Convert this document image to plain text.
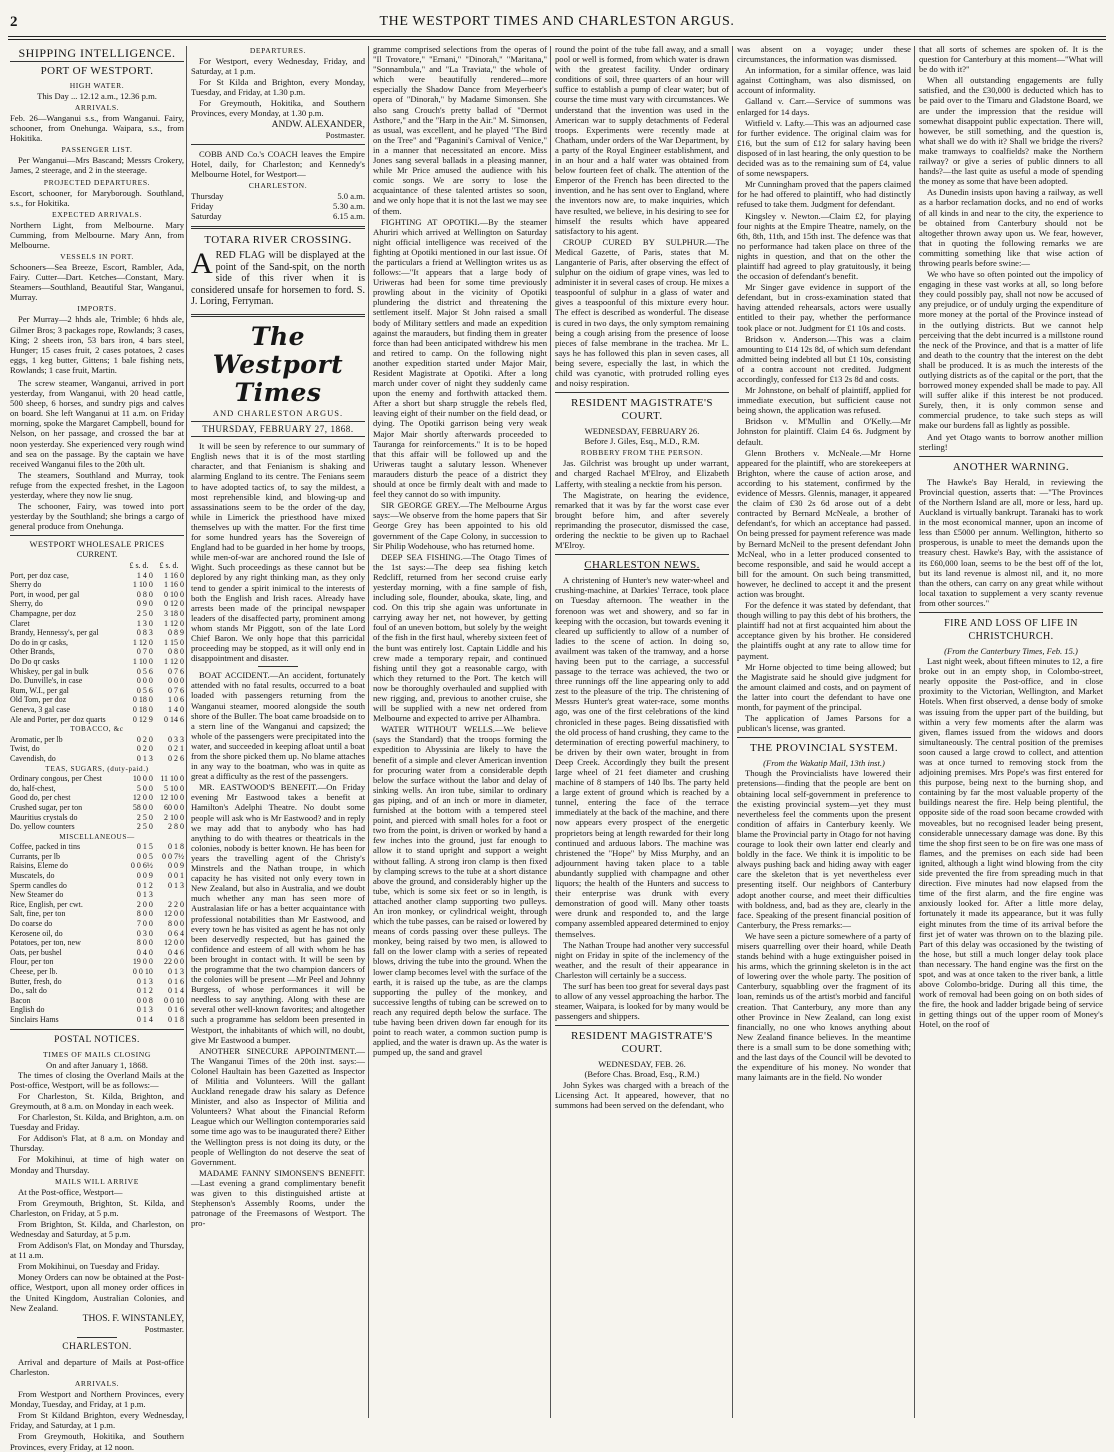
2	THE WESTPORT TIMES AND CHARLESTON ARGUS.
SHIPPING INTELLIGENCE.
PORT OF WESTPORT.
HIGH WATER.
This Day ... 12.12 a.m., 12.36 p.m.
ARRIVALS.

Feb. 26—Wanganui s.s., from Wanganui. Fairy, schooner, from Onehunga. Waipara, s.s., from Hokitika.

PASSENGER LIST.

Per Wanganui—Mrs Bascand; Messrs Crokery, James, 2 steerage, and 2 in the steerage.

PROJECTED DEPARTURES.

Escort, schooner, for Maryborough. Southland, s.s., for Hokitika.

EXPECTED ARRIVALS.

Northern Light, from Melbourne. Mary Cumming, from Melbourne. Mary Ann, from Melbourne.

VESSELS IN PORT.

Schooners—Sea Breeze, Escort, Rambler, Ada, Fairy. Cutter—Dart. Ketches—Constant, Mary. Steamers—Southland, Beautiful Star, Wanganui, Murray.

IMPORTS.

Per Murray—2 hhds ale, Trimble; 6 hhds ale, Gilmer Bros; 3 packages rope, Rowlands; 3 cases, King; 2 sheets iron, 53 bars iron, 4 bars steel, Hunger; 15 cases fruit, 2 cases potatoes, 2 cases eggs, 1 keg butter, Gittens; 1 bale fishing nets, Rowlands; 1 case fruit, Martin.

The screw steamer, Wanganui, arrived in port yesterday, from Wanganui, with 20 head cattle, 500 sheep, 6 horses, and sundry pigs and calves on board. She left Wanganui at 11 a.m. on Friday morning, spoke the Margaret Campbell, bound for Nelson, on her passage, and crossed the bar at noon yesterday. She experienced very rough wind and sea on the passage. By the captain we have received Wanganui files to the 20th ult.

The steamers, Southland and Murray, took refuge from the expected freshet, in the Lagoon yesterday, where they now lie snug.

The schooner, Fairy, was towed into port yesterday by the Southland; she brings a cargo of general produce from Onehunga.

WESTPORT WHOLESALE PRICES
CURRENT.
£ s. d.	£ s. d.
Port, per doz case,	1 4 0	1 16 0
Sherry do	1 10 0	1 16 0
Port, in wood, per gal	0 8 0	0 10 0
Sherry, do	0 9 0	0 12 0
Champagne, per doz	2 5 0	3 18 0
Claret	1 3 0	1 12 0
Brandy, Hennessy's, per gal	0 8 3	0 8 9
Do do in qr casks,	1 12 0	1 15 0
Other Brands,	0 7 0	0 8 0
Do Do qr casks	1 10 0	1 12 0
Whiskey, per gal in bulk	0 5 6	0 7 6
Do. Dunville's, in case	0 0 0	0 0 0
Rum, W.I., per gal	0 5 6	0 7 6
Old Tom, per doz	0 18 0	1 0 6
Geneva, 3 gal case	0 18 0	1 4 0
Ale and Porter, per doz quarts	0 12 9	0 14 6
TOBACCO, &c		
Aromatic, per lb	0 2 0	0 3 3
Twist, do	0 2 0	0 2 1
Cavendish, do	0 1 3	0 2 6
TEAS, SUGARS, (duty-paid.)		
Ordinary congous, per Chest	10 0 0	11 10 0
do, half-chest,	5 0 0	5 10 0
Good do, per chest	12 0 0	12 10 0
Crushed sugar, per ton	58 0 0	60 0 0
Mauritius crystals do	2 5 0	2 10 0
Do. yellow counters	2 5 0	2 8 0
MISCELLANEOUS—		
Coffee, packed in tins	0 1 5	0 1 8
Currants, per lb	0 0 5	0 0 7½
Raisins, Eleme do	0 0 6½	0 0 9
Muscatels, do	0 0 9	0 0 1
Sperm candles do	0 1 2	0 1 3
New Steamer do	0 1 3	
Rice, English, per cwt.	2 0 0	2 2 0
Salt, fine, per ton	8 0 0	12 0 0
Do coarse do	7 0 0	8 0 0
Kerosene oil, do	0 3 0	0 6 4
Potatoes, per ton, new	8 0 0	12 0 0
Oats, per bushel	0 4 0	0 4 6
Flour, per ton	19 0 0	22 0 0
Cheese, per lb.	0 0 10	0 1 3
Butter, fresh, do	0 1 3	0 1 6
Do., salt do	0 1 2	0 1 4
Bacon	0 0 8	0 0 10
English do	0 1 3	0 1 6
Sinclairs Hams	0 1 4	0 1 8
POSTAL NOTICES.
TIMES OF MAILS CLOSING
On and after January 1, 1868.

The times of closing the Overland Mails at the Post-office, Westport, will be as follows:—

For Charleston, St. Kilda, Brighton, and Greymouth, at 8 a.m. on Monday in each week.

For Charleston, St. Kilda, and Brighton, a.m. on Tuesday and Friday.

For Addison's Flat, at 8 a.m. on Monday and Thursday.

For Mokihinui, at time of high water on Monday and Thursday.

MAILS WILL ARRIVE

At the Post-office, Westport—

From Greymouth, Brighton, St. Kilda, and Charleston, on Friday, at 5 p.m.

From Brighton, St. Kilda, and Charleston, on Wednesday and Saturday, at 5 p.m.

From Addison's Flat, on Monday and Thursday, at 11 a.m.

From Mokihinui, on Tuesday and Friday.

Money Orders can now be obtained at the Post-office, Westport, upon all money order offices in the United Kingdom, Australian Colonies, and New Zealand.

THOS. F. WINSTANLEY,
Postmaster.
CHARLESTON.

Arrival and departure of Mails at Post-office Charleston.

ARRIVALS.

From Westport and Northern Provinces, every Monday, Tuesday, and Friday, at 1 p.m.

From St Kildand Brighton, every Wednesday, Friday, and Saturday, at 1 p.m.

From Greymouth, Hokitika, and Southern Provinces, every Friday, at 12 noon.

DEPARTURES.

For Westport, every Wednesday, Friday, and Saturday, at 1 p.m.

For St Kilda and Brighton, every Monday, Tuesday, and Friday, at 1.30 p.m.

For Greymouth, Hokitika, and Southern Provinces, every Monday, at 1.30 p.m.

ANDW. ALEXANDER,
Postmaster.

COBB AND Co.'s COACH leaves the Empire Hotel, daily, for Charleston; and Kennedy's Melbourne Hotel, for Westport—

CHARLESTON.
Thursday	5.0 a.m.
Friday	5.30 a.m.
Saturday	6.15 a.m.
TOTARA RIVER CROSSING.

A RED FLAG will be displayed at the point of the Sand-spit, on the north side of this river when it is considered unsafe for horsemen to ford. S. J. Loring, Ferryman.

The Westport Times
AND CHARLESTON ARGUS.
THURSDAY, FEBRUARY 27, 1868.

It will be seen by reference to our summary of English news that it is of the most startling character, and that Fenianism is shaking and alarming England to its centre. The Fenians seem to have adopted tactics of, to say the mildest, a most reprehensible kind, and blowing-up and assassinations seem to be the order of the day, while in Limerick the priesthood have mixed themselves up with the matter. For the first time for some hundred years has the Sovereign of England had to be guarded in her home by troops, while men-of-war are anchored round the Isle of Wight. Such proceedings as these cannot but be deplored by any right thinking man, as they only tend to gender a spirit inimical to the interests of both the English and Irish races. Already have arrests been made of the principal newspaper leaders of the disaffected party, prominent among whom stands Mr Piggott, son of the late Lord Chief Baron. We only hope that this parricidal proceeding may be stopped, as it will only end in disappointment and disaster.

BOAT ACCIDENT.—An accident, fortunately attended with no fatal results, occurred to a boat loaded with passengers returning from the Wanganui steamer, moored alongside the south shore of the Buller. The boat came broadside on to a stern line of the Wanganui and capsized; the whole of the passengers were precipitated into the water, and succeeded in keeping afloat until a boat from the shore picked them up. No blame attaches in any way to the boatman, who was in quite as great a difficulty as the rest of the passengers.

MR. EASTWOOD'S BENEFIT.—On Friday evening Mr Eastwood takes a benefit at Hamilton's Adelphi Theatre. No doubt some people will ask who is Mr Eastwood? and in reply we may add that to anybody who has had anything to do with theatres or theatricals in the colonies, nobody is better known. He has been for years the travelling agent of the Christy's Minstrels and the Nathan troupe, in which capacity he has visited not only every town in New Zealand, but also in Australia, and we doubt much whether any man has seen more of Australasian life or has a better acquaintance with professional notabilities than Mr Eastwood, and every town he has visited as agent he has not only been deservedly respected, but has gained the confidence and esteem of all with whom he has been brought in contact with. It will be seen by the programme that the two champion dancers of the colonies will be present —Mr Peel and Johnny Burgess, of whose performances it will be needless to say anything. Along with these are several other well-known favorites; and altogether such a programme has seldom been presented in Westport, the inhabitants of which will, no doubt, give Mr Eastwood a bumper.

ANOTHER SINECURE APPOINTMENT.—The Wanganui Times of the 20th inst. says:—Colonel Haultain has been Gazetted as Inspector of Militia and Volunteers. Will the gallant Auckland renegade draw his salary as Defence Minister, and also as Inspector of Militia and Volunteers? What about the Financial Reform League which our Wellington contemporaries said some time ago was to be inaugurated there? Either the Wellington press is not doing its duty, or the people of Wellington do not deserve the seat of Government.

MADAME FANNY SIMONSEN'S BENEFIT.—Last evening a grand complimentary benefit was given to this distinguished artiste at Stephenson's Assembly Rooms, under the patronage of the Freemasons of Westport. The pro-

gramme comprised selections from the operas of "Il Trovatore," "Ernani," "Dinorah," "Maritana," "Sonnambula," and "La Traviata," the whole of which were beautifully rendered—more especially the Shadow Dance from Meyerbeer's opera of "Dinorah," by Madame Simonsen. She also sang Crouch's pretty ballad of "Dermot Asthore," and the "Harp in the Air." M. Simonsen, as usual, was excellent, and he played "The Bird on the Tree" and "Paganini's Carnival of Venice," in a manner that necessitated an encore. Miss Jones sang several ballads in a pleasing manner, while Mr Price amused the audience with his comic songs. We are sorry to lose the acquaintance of these talented artistes so soon, and we only hope that it is not the last we may see of them.

FIGHTING AT OPOTIKI.—By the steamer Ahuriri which arrived at Wellington on Saturday night official intelligence was received of the fighting at Opotiki mentioned in our last issue. Of the particulars a friend at Wellington writes us as follows:—"It appears that a large body of Uriweras had been for some time previously prowling about in the vicinity of Opotiki plundering the district and threatening the settlement itself. Major St John raised a small body of Military settlers and made an expedition against the marauders, but finding them in greater force than had been anticipated withdrew his men and retired to camp. On the following night another expedition started under Major Mair, Resident Magistrate at Opotiki. After a long march under cover of night they suddenly came upon the enemy and forthwith attacked them. After a short but sharp struggle the rebels fled, leaving eight of their number on the field dead, or dying. The Opotiki garrison being very weak Major Mair shortly afterwards proceeded to Tauranga for reinforcements." It is to be hoped that this affair will be followed up and the Uriweras taught a salutary lesson. Whenever marauders disturb the peace of a district they should at once be firmly dealt with and made to feel they cannot do so with impunity.

SIR GEORGE GREY.—The Melbourne Argus says:—We observe from the home papers that Sir George Grey has been appointed to his old government of the Cape Colony, in succession to Sir Philip Wodehouse, who has returned home.

DEEP SEA FISHING.—The Otago Times of the 1st says:—The deep sea fishing ketch Redcliff, returned from her second cruise early yesterday morning, with a fine sample of fish, including sole, flounder, abouka, skate, ling, and cod. On this trip she again was unfortunate in carrying away her net, not however, by getting foul of an uneven bottom, but solely by the weight of the fish in the first haul, whereby sixteen feet of the bunt was entirely lost. Captain Liddle and his crew made a temporary repair, and continued fishing until they got a reasonable cargo, with which they returned to the Port. The ketch will now be thoroughly overhauled and supplied with new rigging, and, previous to another cruise, she will be supplied with a new net ordered from Melbourne and expected to arrive per Alhambra.

WATER WITHOUT WELLS.—We believe (says the Standard) that the troops forming the expedition to Abyssinia are likely to have the benefit of a simple and clever American invention for procuring water from a considerable depth below the surface without the labor and delay of sinking wells. An iron tube, similar to ordinary gas piping, and of an inch or more in diameter, furnished at the bottom with a tempered steel point, and pierced with small holes for a foot or two from the point, is driven or worked by hand a few inches into the ground, just far enough to allow it to stand upright and support a weight without falling. A strong iron clamp is then fixed by clamping screws to the tube at a short distance above the ground, and considerably higher up the tube, which is some six feet or so in length, is attached another clamp supporting two pulleys. An iron monkey, or cylindrical weight, through which the tube passes, can be raised or lowered by means of cords passing over these pulleys. The monkey, being raised by two men, is allowed to fall on the lower clamp with a series of repeated blows, driving the tube into the ground. When the lower clamp becomes level with the surface of the earth, it is raised up the tube, as are the clamps supporting the pulley of the monkey, and successive lengths of tubing can be screwed on to reach any required depth below the surface. The tube having been driven down far enough for its point to reach water, a common suction pump is applied, and the water is drawn up. As the water is pumped up, the sand and gravel

round the point of the tube fall away, and a small pool or well is formed, from which water is drawn with the greatest facility. Under ordinary conditions of soil, three quarters of an hour will suffice to establish a pump of clear water; but of course the time must vary with circumstances. We understand that the invention was used in the American war to supply detachments of Federal troops. Experiments were recently made at Chatham, under orders of the War Department, by a party of the Royal Engineer establishment, and in an hour and a half water was obtained from below fourteen feet of chalk. The attention of the Emperor of the French has been directed to the invention, and he has sent over to England, where the inventors now are, to make inquiries, which have resulted, we believe, in his desiring to see for himself the results which have appeared satisfactory to his agent.

CROUP CURED BY SULPHUR.—The Medical Gazette, of Paris, states that M. Langanterie of Paris, after observing the effect of sulphur on the oidium of grape vines, was led to administer it in several cases of croup. He mixes a teaspoonful of sulphur in a glass of water and gives a teaspoonful of this mixture every hour. The effect is described as wonderful. The disease is cured in two days, the only symptom remaining being a cough arising from the presence of loose pieces of false membrane in the trachea. Mr L. says he has followed this plan in seven cases, all being severe, especially the last, in which the child was cyanotic, with protruded rolling eyes and noisy respiration.

RESIDENT MAGISTRATE'S COURT.
WEDNESDAY, FEBRUARY 26.
Before J. Giles, Esq., M.D., R.M.
ROBBERY FROM THE PERSON.

Jas. Gilchrist was brought up under warrant, and charged Rachael M'Elroy, and Elizabeth Lafferty, with stealing a necktie from his person.

The Magistrate, on hearing the evidence, remarked that it was by far the worst case ever brought before him, and after severely reprimanding the prosecutor, dismissed the case, ordering the necktie to be given up to Rachael M'Elroy.

CHARLESTON NEWS.

A christening of Hunter's new water-wheel and crushing-machine, at Darkies' Terrace, took place on Tuesday afternoon. The weather in the forenoon was wet and showery, and so far in keeping with the occasion, but towards evening it cleared up sufficiently to allow of a number of ladies to the scene of action. In doing so, availment was taken of the tramway, and a horse having been put to the carriage, a successful passage to the terrace was achieved, the two or three runnings off the line appearing only to add zest to the pleasure of the trip. The christening of Messrs Hunter's great water-race, some months ago, was one of the first celebrations of the kind chronicled in these pages. Being dissatisfied with the old process of hand crushing, they came to the determination of erecting powerful machinery, to be driven by their own water, brought in from Deep Creek. Accordingly they built the present large wheel of 21 feet diameter and crushing machine of 8 stampers of 140 lbs. The party held a large extent of ground which is reached by a tunnel, entering the face of the terrace immediately at the back of the machine, and there now appears every prospect of the energetic proprietors being at length rewarded for their long continued and arduous labors. The machine was christened the "Hope" by Miss Murphy, and an adjournment having taken place to a table abundantly supplied with champagne and other liquors; the health of the Hunters and success to their enterprise was drunk with every demonstration of good will. Many other toasts were drunk and responded to, and the large company assembled appeared determined to enjoy themselves.

The Nathan Troupe had another very successful night on Friday in spite of the inclemency of the weather, and the result of their appearance in Charleston will certainly be a success.

The surf has been too great for several days past to allow of any vessel approaching the harbor. The steamer, Waipara, is looked for by many would be passengers and shippers.

RESIDENT MAGISTRATE'S COURT.
WEDNESDAY, FEB. 26.
(Before Chas. Broad, Esq., R.M.)

John Sykes was charged with a breach of the Licensing Act. It appeared, however, that no summons had been served on the defendant, who

was absent on a voyage; under these circumstances, the information was dismissed.

An information, for a similar offence, was laid against Cottingham, was also dismissed, on account of informality.

Galland v. Carr.—Service of summons was enlarged for 14 days.

Witfield v. Lafty.—This was an adjourned case for further evidence. The original claim was for £16, but the sum of £12 for salary having been disposed of in last hearing, the only question to be decided was as to the remaining sum of £4, value of some newspapers.

Mr Cunningham proved that the papers claimed for he had offered to plaintiff, who had distinctly refused to take them. Judgment for defendant.

Kingsley v. Newton.—Claim £2, for playing four nights at the Empire Theatre, namely, on the 6th, 8th, 11th, and 15th inst. The defence was that no performance had taken place on three of the nights in question, and that on the other the plaintiff had agreed to play gratuitously, it being the occasion of defendant's benefit.

Mr Singer gave evidence in support of the defendant, but in cross-examination stated that having attended rehearsals, actors were usually entitled to their pay, whether the performance took place or not. Judgment for £1 10s and costs.

Bridson v. Anderson.—This was a claim amounting to £14 12s 8d, of which sum defendant admitted being indebted all but £1 10s, consisting of a contra account not credited. Judgment accordingly, confessed for £13 2s 8d and costs.

Mr Johnstone, on behalf of plaintiff, applied for immediate execution, but sufficient cause not being shown, the application was refused.

Bridson v. M'Mullin and O'Kelly.—Mr Johnston for plaintiff. Claim £4 6s. Judgment by default.

Glenn Brothers v. McNeale.—Mr Horne appeared for the plaintiff, who are storekeepers at Brighton, where the cause of action arose, and according to his statement, confirmed by the evidence of Messrs. Glennis, manager, it appeared the claim of £30 2s 6d arose out of a debt contracted by Bernard McNeale, a brother of defendant's, for which an acceptance had passed. On being pressed for payment reference was made by Bernard McNeil to the present defendant John McNeal, who in a letter produced consented to become responsible, and said he would accept a bill for the amount. On such being transmitted, however, he declined to accept it and the present action was brought.

For the defence it was stated by defendant, that though willing to pay this debt of his brothers, the plaintiff had not at first acquainted him about the acceptance given by his brother. He considered the plaintiffs ought at any rate to allow time for payment.

Mr Horne objected to time being allowed; but the Magistrate said he should give judgment for the amount claimed and costs, and on payment of the latter into court the defendant to have one month, for payment of the principal.

The application of James Parsons for a publican's license, was granted.

THE PROVINCIAL SYSTEM.
(From the Wakatip Mail, 13th inst.)

Though the Provincialists have lowered their pretensions—finding that the people are bent on obtaining local self-government in preference to the existing provincial system—yet they must nevertheless feel the comments upon the present condition of affairs in Canterbury keenly. We blame the Provincial party in Otago for not having courage to look their own latter end clearly and boldly in the face. We think it is impolitic to be always pushing back and hiding away with eager care the skeleton that is yet nevertheless ever presenting itself. Our neighbors of Canterbury adopt another course, and meet their difficulties with boldness, and, bad as they are, clearly in the face. Speaking of the present financial position of Canterbury, the Press remarks:—

We have seen a picture somewhere of a party of misers quarrelling over their hoard, while Death stands behind with a huge extinguisher poised in his arms, which the grinning skeleton is in the act of lowering over the whole party. The position of Canterbury, squabbling over the fragment of its loan, reminds us of the artist's morbid and fanciful creation. That Canterbury, any more than any other Province in New Zealand, can long exist financially, no one who knows anything about New Zealand finance believes. In the meantime there is a small sum to be done something with; and the last days of the Council will be devoted to the expenditure of his money. No wonder that many laimants are in the field. No wonder

that all sorts of schemes are spoken of. It is the question for Canterbury at this moment—"What will be do with it?"

When all outstanding engagements are fully satisfied, and the £30,000 is deducted which has to be paid over to the Timaru and Gladstone Board, we are under the impression that the residue will somewhat disappoint public expectation. There will, however, be still something, and the question is, what shall we do with it? Shall we bridge the rivers? make tramways to coalfields? make the Northern railway? or give a series of public dinners to all hands?—the last quite as useful a mode of spending the money as some that have been adopted.

As Dunedin insists upon having a railway, as well as a harbor reclamation docks, and no end of works of all kinds in and near to the city, the experience to be obtained from Canterbury should not be altogether thrown away upon us. We fear, however, that in quoting the following remarks we are committing something like that wise action of throwing pearls before swine:—

We who have so often pointed out the impolicy of engaging in these vast works at all, so long before they could possibly pay, shall not now be accused of any prejudice, or of unduly urging the expenditure of more money at the portal of the Province instead of in the outlying districts. But we cannot help perceiving that the debt incurred is a millstone round the neck of the Province, and that is a matter of life and death to the country that the interest on the debt shall be produced. It is as much the interests of the outlying districts as of the capital or the port, that the borrowed money expended shall be made to pay. All will suffer alike if this interest be not produced. Surely, then, it is only common sense and commercial prudence, to take such steps as will make our burdens fall as lightly as possible.

And yet Otago wants to borrow another million sterling!

ANOTHER WARNING.

The Hawke's Bay Herald, in reviewing the Provincial question, asserts that: —"The Provinces of the Northern Island are all, more or less, hard up. Auckland is virtually bankrupt. Taranaki has to work in the most economical manner, upon an income of less than £5000 per annum. Wellington, hitherto so prosperous, is unable to meet the demands upon the treasury chest. Hawke's Bay, with the assistance of its £60,000 loan, seems to be the best off of the lot, but its land revenue is almost nil, and it, no more than the others, can carry on any great while without local taxation to supplement a very scanty revenue from other sources."

FIRE AND LOSS OF LIFE IN CHRISTCHURCH.
(From the Canterbury Times, Feb. 15.)

Last night week, about fifteen minutes to 12, a fire broke out in an empty shop, in Colombo-street, nearly opposite the Post-office, and in close proximity to the Victorian, Wellington, and Market Hotels. When first observed, a dense body of smoke was issuing from the upper part of the building, but within a very few moments after the alarm was given, flames issued from the widows and doors simultaneously. The central position of the premises soon caused a large crowd to collect, and attention was at once turned to removing stock from the adjoining premises. Mrs Pope's was first entered for this purpose, being next to the burning shop, and containing by far the most valuable property of the buildings nearest the fire. Help being plentiful, the opposite side of the road soon became crowded with moveables, but no recognised leader being present, considerable unnecessary damage was done. By this time the shop first seen to be on fire was one mass of flames, and the premises on each side had been ignited, although a light wind blowing from the city side prevented the fire from spreading much in that direction. Five minutes had now elapsed from the time of the first alarm, and the fire engine was anxiously looked for. After a little more delay, fortunately it made its appearance, but it was fully eight minutes from the time of its arrival before the first jet of water was thrown on to the blazing pile. Part of this delay was occasioned by the twisting of the hose, but still a much longer delay took place than necessary. The hand engine was the first on the spot, and was at once taken to the river bank, a little above Colombo-bridge. During all this time, the work of removal had been going on on both sides of the fire, the hook and ladder brigade being of service in getting things out of the upper room of Money's Hotel, on the roof of
